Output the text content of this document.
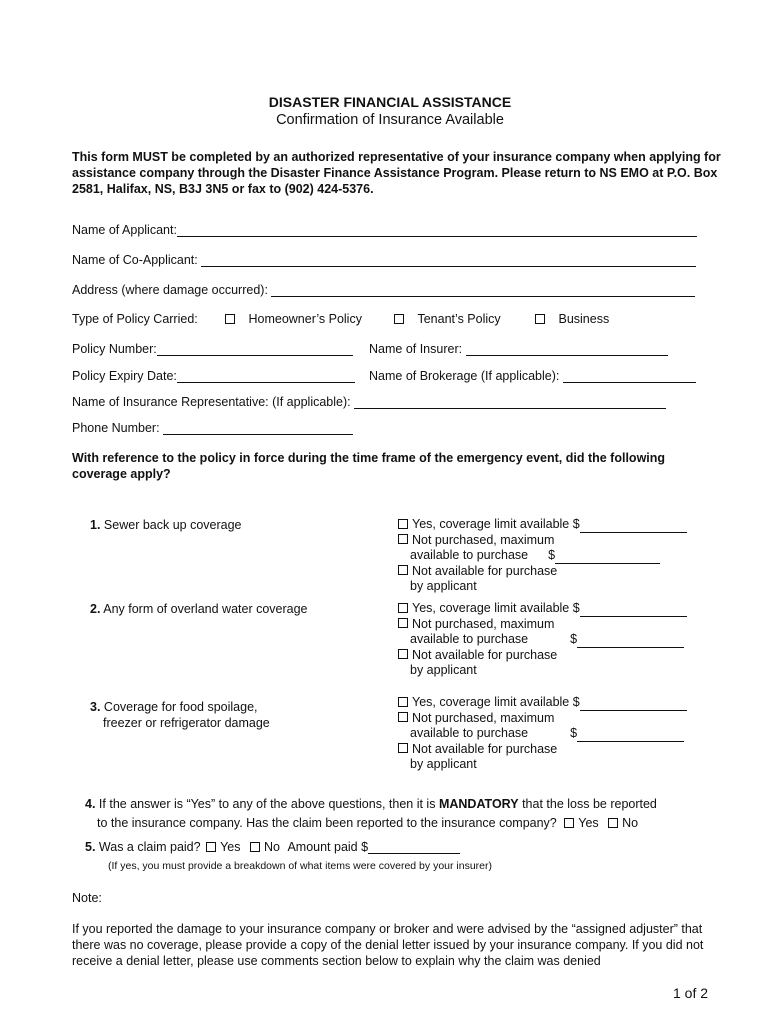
DISASTER FINANCIAL ASSISTANCE
Confirmation of Insurance Available
This form MUST be completed by an authorized representative of your insurance company when applying for assistance company through the Disaster Finance Assistance Program. Please return to NS EMO at P.O. Box 2581, Halifax, NS, B3J 3N5 or fax to (902) 424-5376.
Name of Applicant:
Name of Co-Applicant:
Address (where damage occurred):
Type of Policy Carried:	Homeowner’s Policy	Tenant’s Policy	Business
Policy Number:	Name of Insurer:
Policy Expiry Date:	Name of Brokerage (If applicable):
Name of Insurance Representative: (If applicable):
Phone Number:
With reference to the policy in force during the time frame of the emergency event, did the following coverage apply?
1. Sewer back up coverage	Yes, coverage limit available $
Not purchased, maximum
available to purchase $
Not available for purchase
by applicant
2. Any form of overland water coverage	Yes, coverage limit available $
Not purchased, maximum
available to purchase	$
Not available for purchase
by applicant
3. Coverage for food spoilage,
freezer or refrigerator damage
Yes, coverage limit available $
Not purchased, maximum
available to purchase	$
Not available for purchase
by applicant
4. If the answer is “Yes” to any of the above questions, then it is MANDATORY that the loss be reported
to the insurance company. Has the claim been reported to the insurance company? Yes No
5. Was a claim paid? Yes No Amount paid $
(If yes, you must provide a breakdown of what items were covered by your insurer)
Note:
If you reported the damage to your insurance company or broker and were advised by the “assigned adjuster” that there was no coverage, please provide a copy of the denial letter issued by your insurance company. If you did not receive a denial letter, please use comments section below to explain why the claim was denied
1 of 2
